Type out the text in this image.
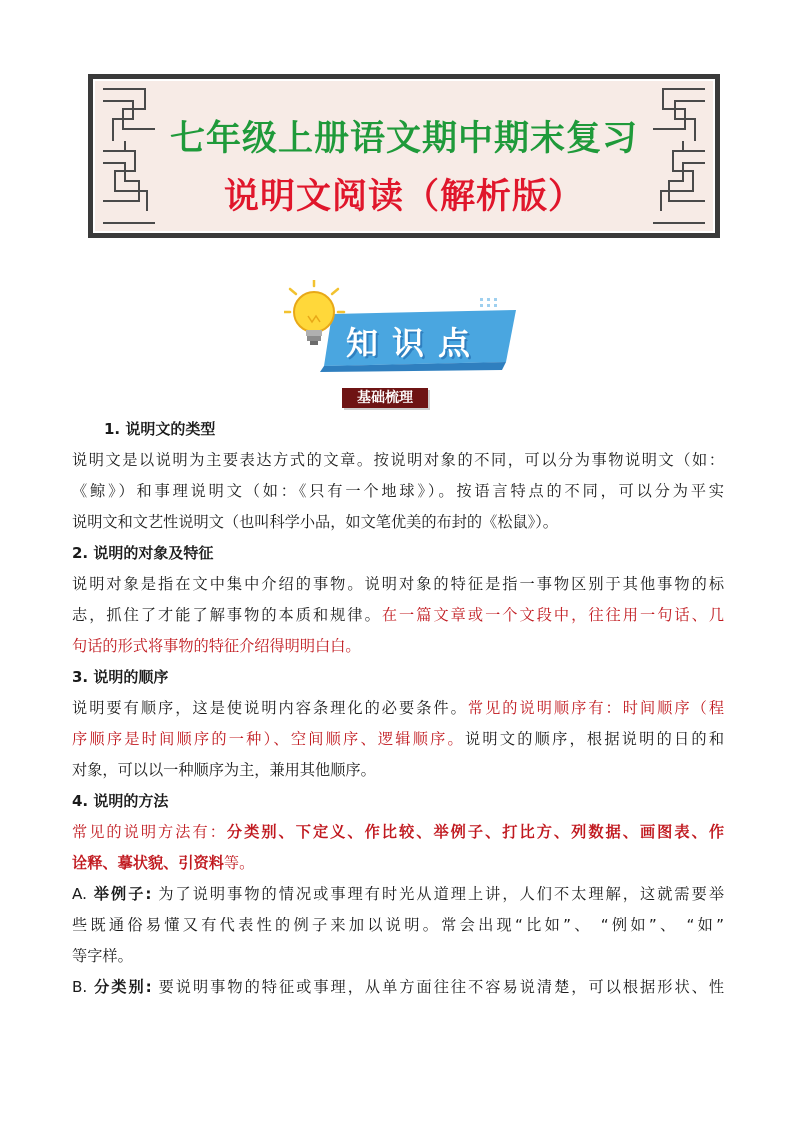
七年级上册语文期中期末复习
说明文阅读（解析版）
知识点
基础梳理
1. 说明文的类型
说明文是以说明为主要表达方式的文章。按说明对象的不同，可以分为事物说明文（如：
《鲸》）和事理说明文（如：《只有一个地球》）。按语言特点的不同，可以分为平实
说明文和文艺性说明文（也叫科学小品，如文笔优美的布封的《松鼠》）。
2. 说明的对象及特征
说明对象是指在文中集中介绍的事物。说明对象的特征是指一事物区别于其他事物的标
志，抓住了才能了解事物的本质和规律。在一篇文章或一个文段中，往往用一句话、几
句话的形式将事物的特征介绍得明明白白。
3. 说明的顺序
说明要有顺序，这是使说明内容条理化的必要条件。常见的说明顺序有：时间顺序（程
序顺序是时间顺序的一种）、空间顺序、逻辑顺序。说明文的顺序，根据说明的日的和
对象，可以以一种顺序为主，兼用其他顺序。
4. 说明的方法
常见的说明方法有：分类别、下定义、作比较、举例子、打比方、列数据、画图表、作
诠释、摹状貌、引资料等。
A. 举例子: 为了说明事物的情况或事理有时光从道理上讲，人们不太理解，这就需要举
些既通俗易懂又有代表性的例子来加以说明。常会出现“比如”、 “例如”、 “如”
等字样。
B. 分类别: 要说明事物的特征或事理，从单方面往往不容易说清楚，可以根据形状、性
